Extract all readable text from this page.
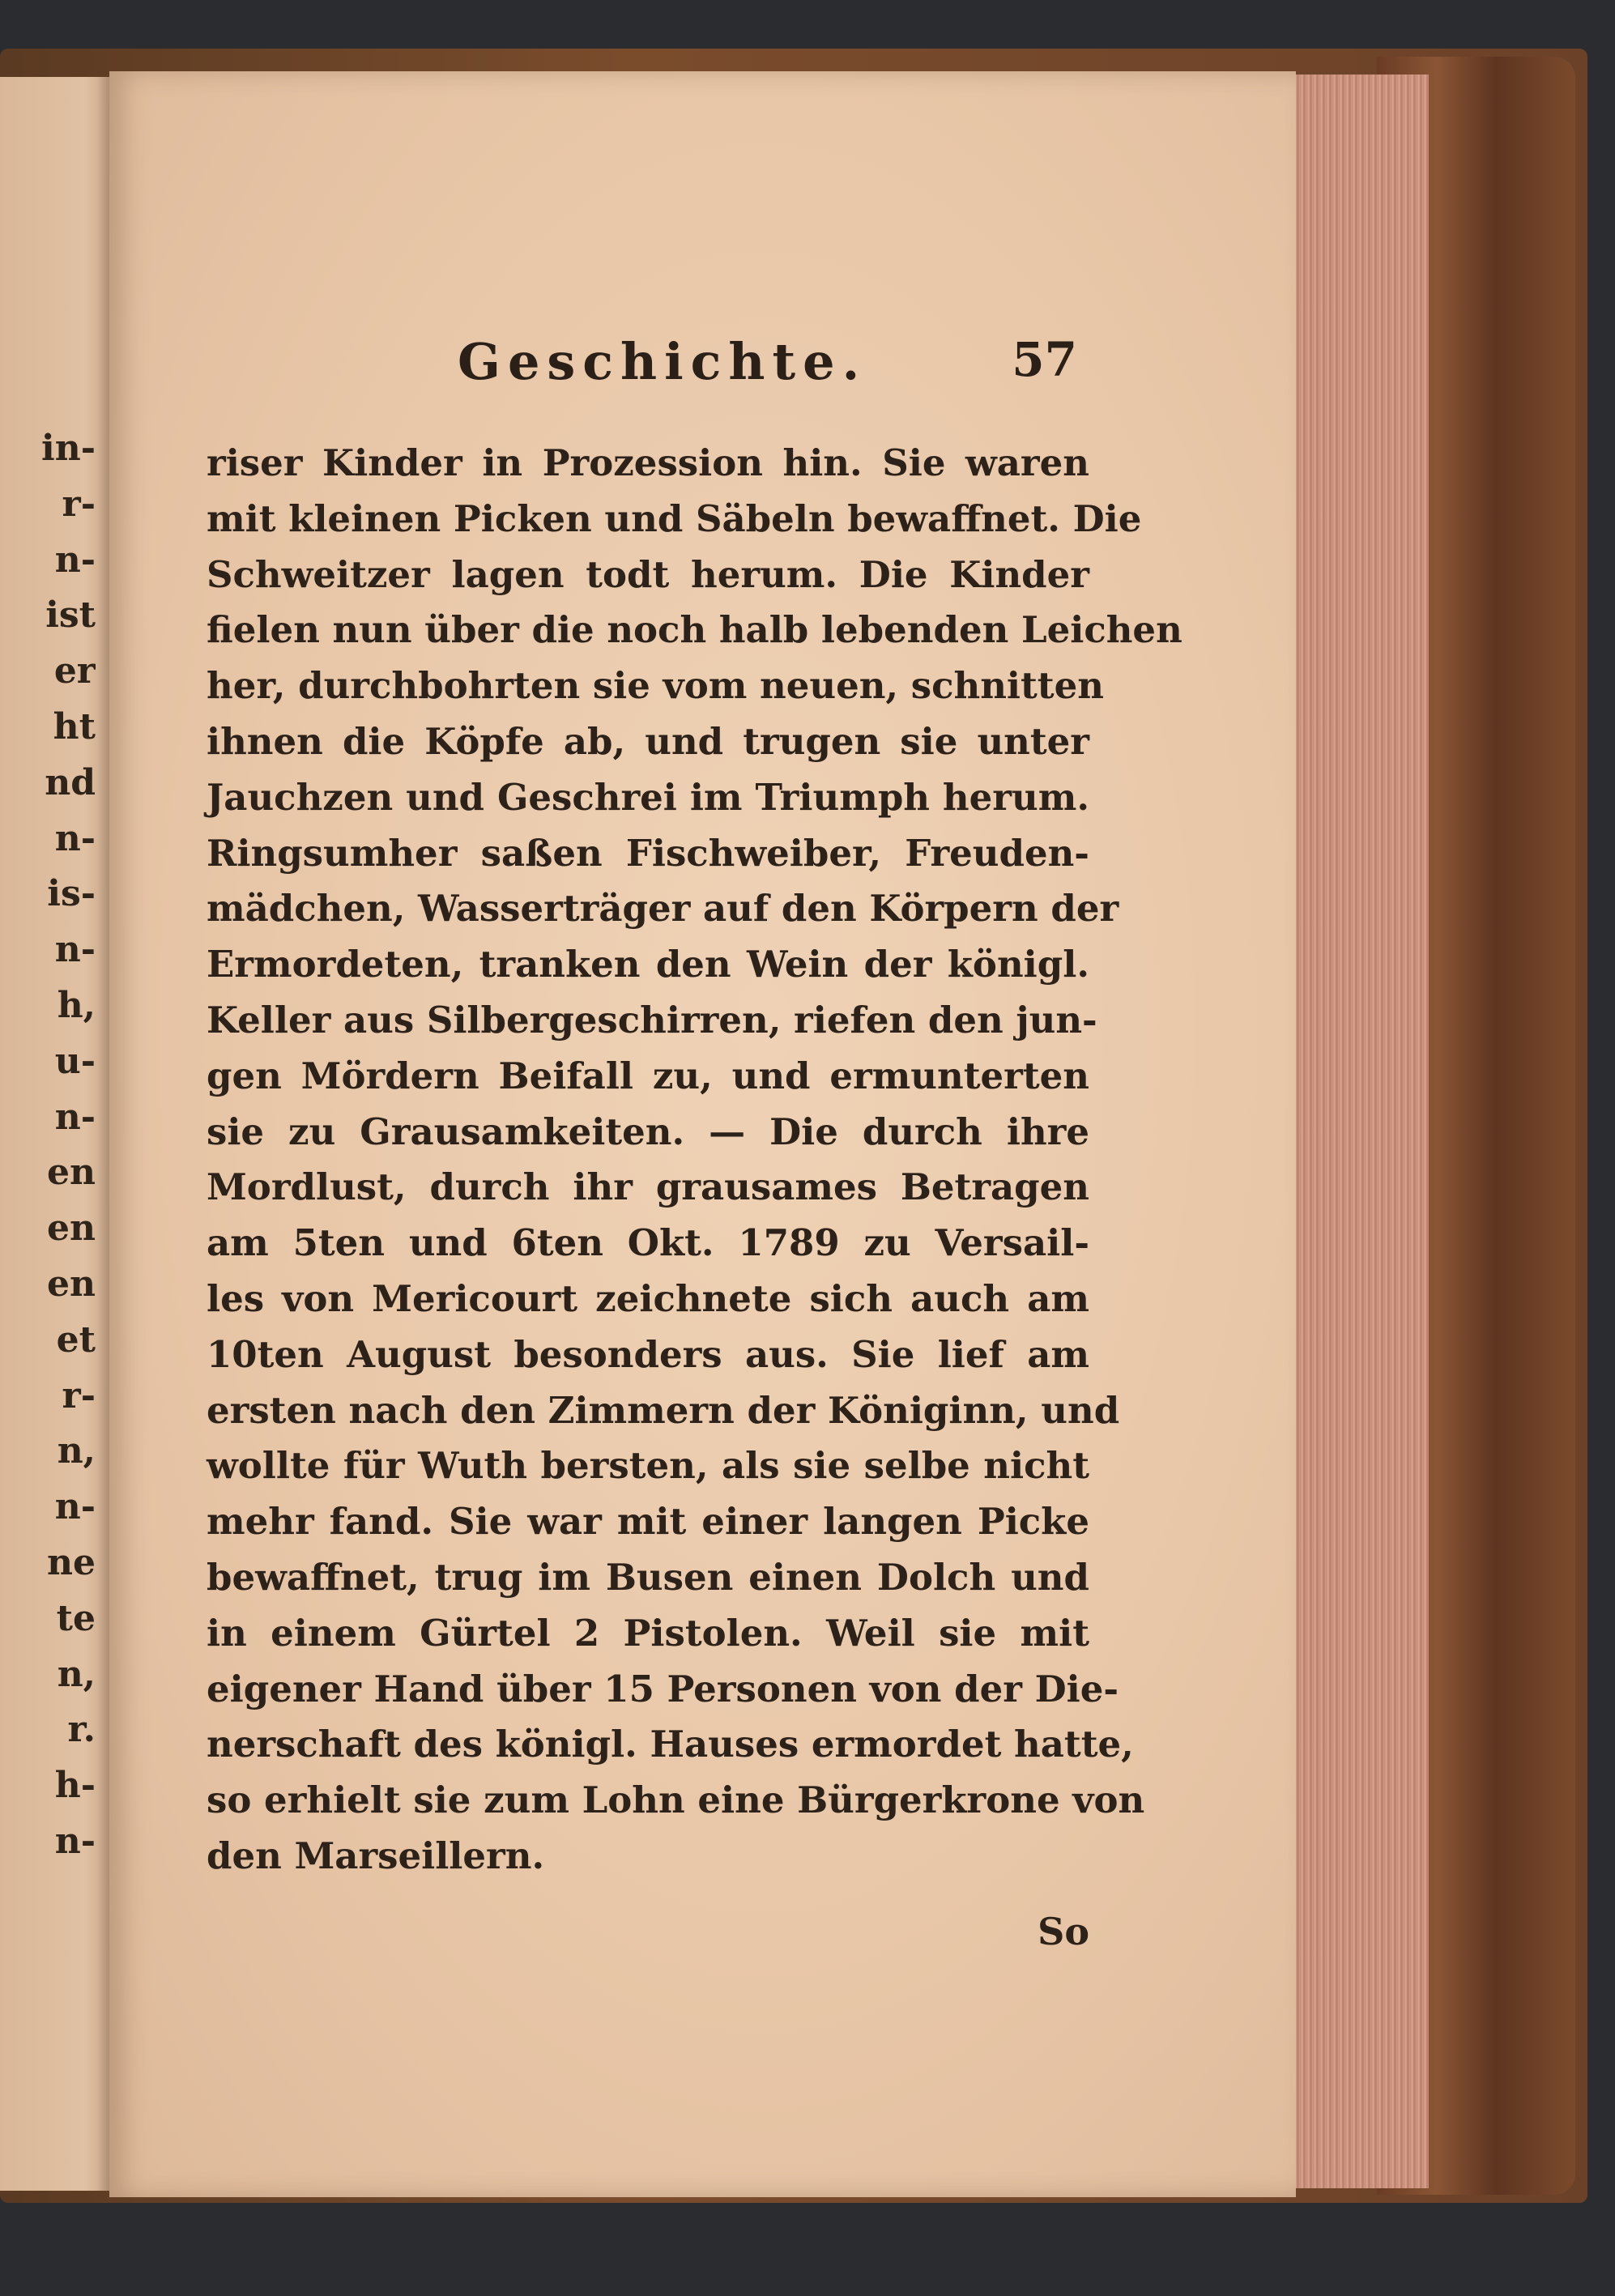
in-
r-
n-
ist
er
ht
nd
n-
is-
n-
h,
u-
n-
en
en
en
et
r-
n,
n-
ne
te
n,
r.
h-
n-
Geschichte.	57
riser Kinder in Prozession hin. Sie waren
mit kleinen Picken und Säbeln bewaffnet. Die
Schweitzer lagen todt herum. Die Kinder
fielen nun über die noch halb lebenden Leichen
her, durchbohrten sie vom neuen, schnitten
ihnen die Köpfe ab, und trugen sie unter
Jauchzen und Geschrei im Triumph herum.
Ringsumher saßen Fischweiber, Freuden-
mädchen, Wasserträger auf den Körpern der
Ermordeten, tranken den Wein der königl.
Keller aus Silbergeschirren, riefen den jun-
gen Mördern Beifall zu, und ermunterten
sie zu Grausamkeiten. — Die durch ihre
Mordlust, durch ihr grausames Betragen
am 5ten und 6ten Okt. 1789 zu Versail-
les von Mericourt zeichnete sich auch am
10ten August besonders aus. Sie lief am
ersten nach den Zimmern der Königinn, und
wollte für Wuth bersten, als sie selbe nicht
mehr fand. Sie war mit einer langen Picke
bewaffnet, trug im Busen einen Dolch und
in einem Gürtel 2 Pistolen. Weil sie mit
eigener Hand über 15 Personen von der Die-
nerschaft des königl. Hauses ermordet hatte,
so erhielt sie zum Lohn eine Bürgerkrone von
den Marseillern.
So
